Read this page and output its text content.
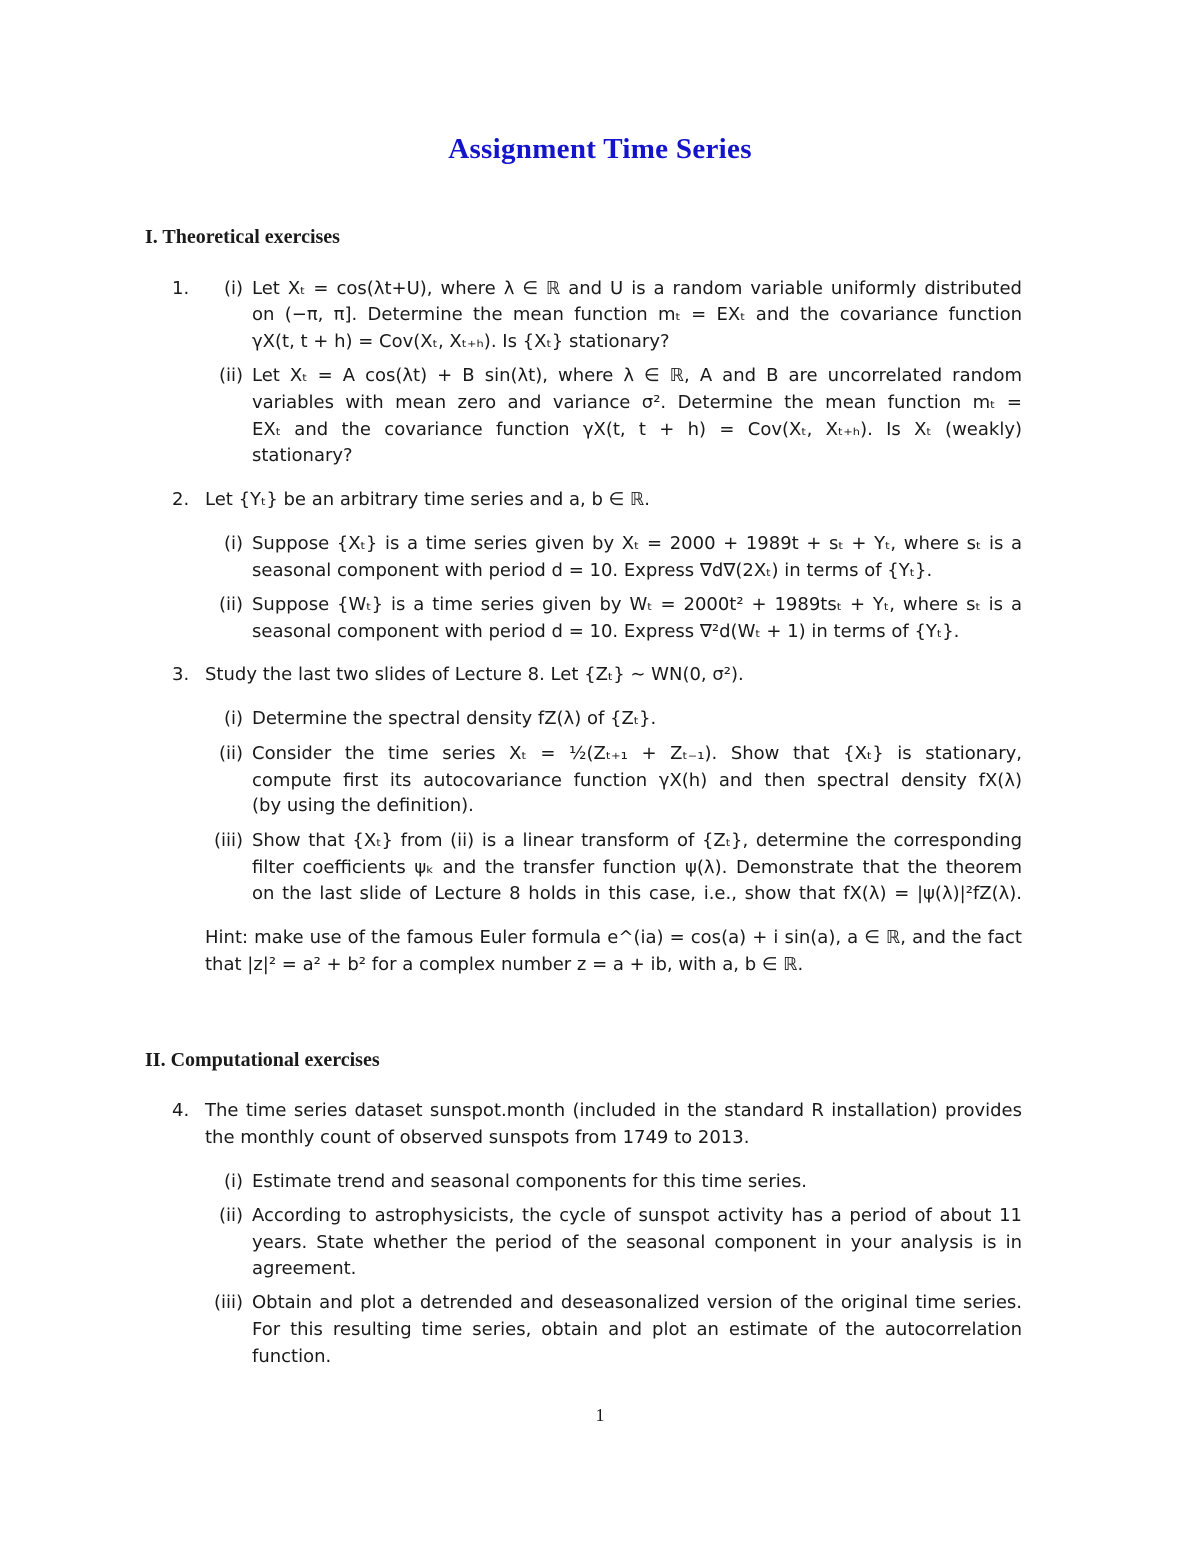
Assignment Time Series
I. Theoretical exercises
1.	(i) Let Xₜ = cos(λt+U), where λ ∈ ℝ and U is a random variable uniformly distributed
on (−π, π]. Determine the mean function mₜ = EXₜ and the covariance function
γX(t, t + h) = Cov(Xₜ, Xₜ₊ₕ). Is {Xₜ} stationary?
(ii) Let Xₜ = A cos(λt) + B sin(λt), where λ ∈ ℝ, A and B are uncorrelated random
variables with mean zero and variance σ². Determine the mean function mₜ =
EXₜ and the covariance function γX(t, t + h) = Cov(Xₜ, Xₜ₊ₕ). Is Xₜ (weakly)
stationary?
2. Let {Yₜ} be an arbitrary time series and a, b ∈ ℝ.
(i) Suppose {Xₜ} is a time series given by Xₜ = 2000 + 1989t + sₜ + Yₜ, where sₜ is a
seasonal component with period d = 10. Express ∇d∇(2Xₜ) in terms of {Yₜ}.
(ii) Suppose {Wₜ} is a time series given by Wₜ = 2000t² + 1989tsₜ + Yₜ, where sₜ is a
seasonal component with period d = 10. Express ∇²d(Wₜ + 1) in terms of {Yₜ}.
3. Study the last two slides of Lecture 8. Let {Zₜ} ∼ WN(0, σ²).
(i) Determine the spectral density fZ(λ) of {Zₜ}.
(ii) Consider the time series Xₜ = ½(Zₜ₊₁ + Zₜ₋₁). Show that {Xₜ} is stationary,
compute first its autocovariance function γX(h) and then spectral density fX(λ)
(by using the definition).
(iii) Show that {Xₜ} from (ii) is a linear transform of {Zₜ}, determine the corresponding
filter coefficients ψₖ and the transfer function ψ(λ). Demonstrate that the theorem
on the last slide of Lecture 8 holds in this case, i.e., show that fX(λ) = |ψ(λ)|²fZ(λ).
Hint: make use of the famous Euler formula e^(ia) = cos(a) + i sin(a), a ∈ ℝ, and the fact
that |z|² = a² + b² for a complex number z = a + ib, with a, b ∈ ℝ.
II. Computational exercises
4. The time series dataset sunspot.month (included in the standard R installation) provides
the monthly count of observed sunspots from 1749 to 2013.
(i) Estimate trend and seasonal components for this time series.
(ii) According to astrophysicists, the cycle of sunspot activity has a period of about 11
years. State whether the period of the seasonal component in your analysis is in
agreement.
(iii) Obtain and plot a detrended and deseasonalized version of the original time series.
For this resulting time series, obtain and plot an estimate of the autocorrelation
function.
1
